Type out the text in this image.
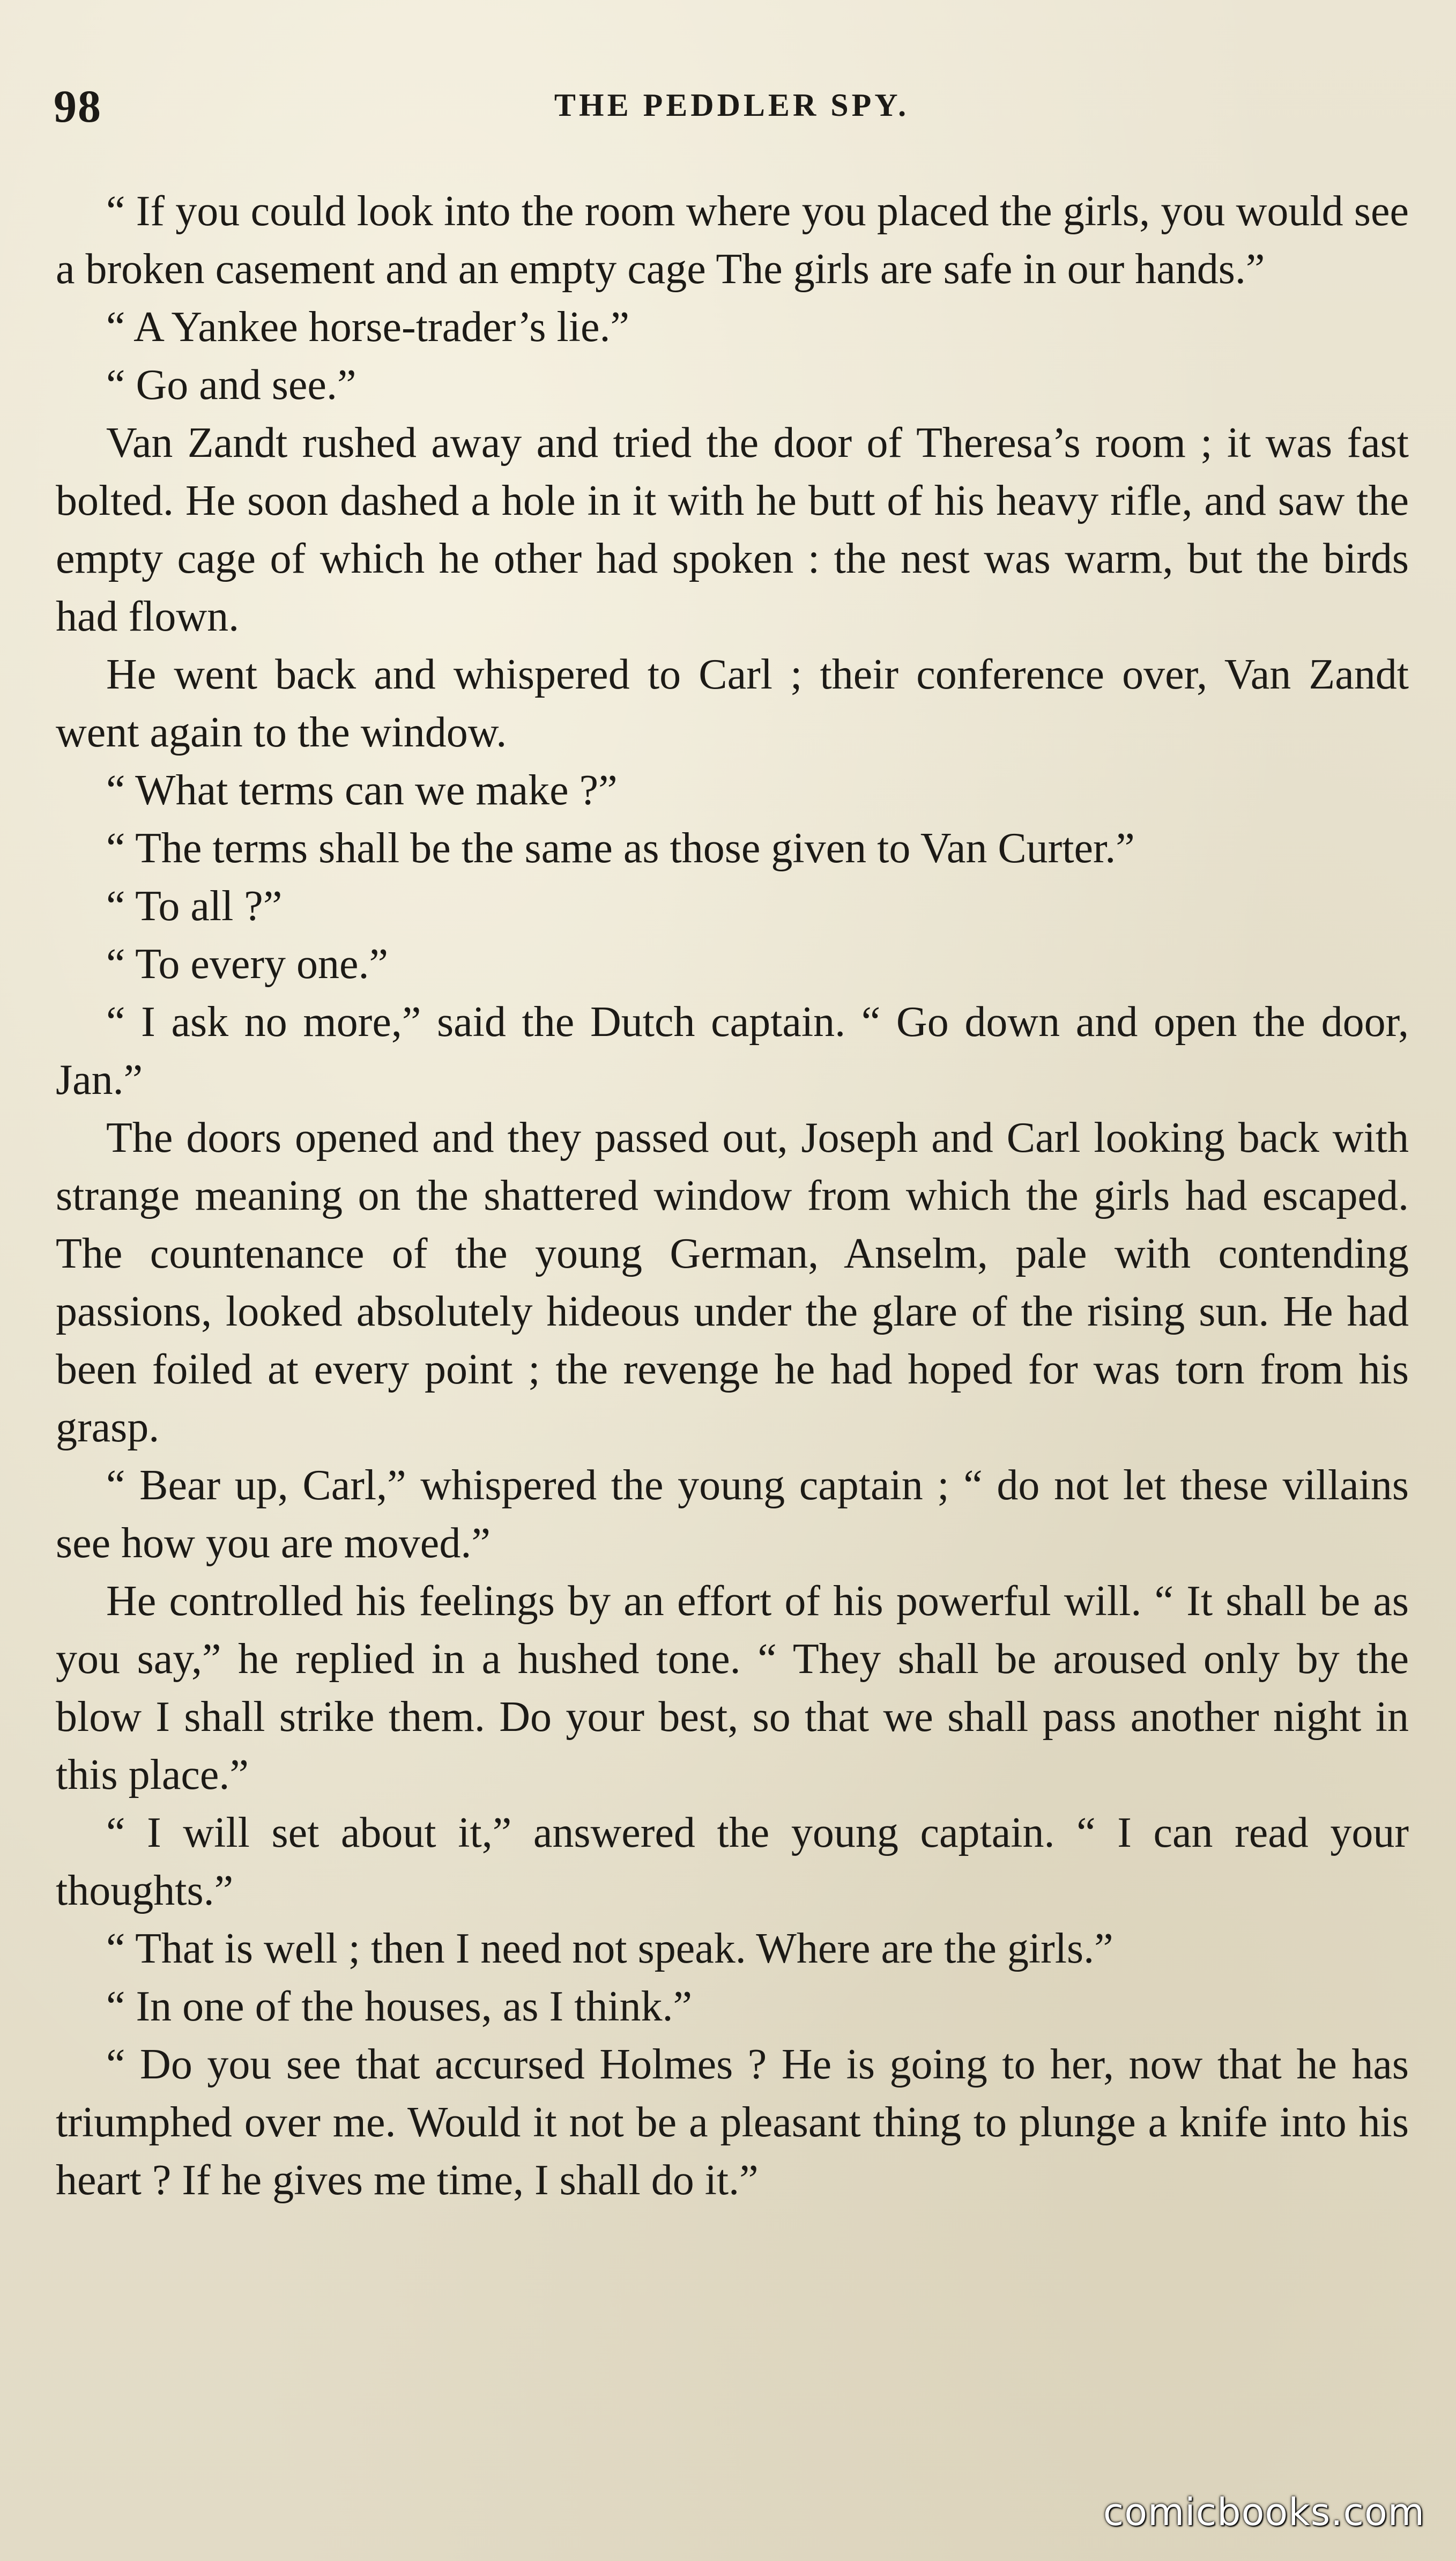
98	THE PEDDLER SPY.

“ If you could look into the room where you placed the girls, you would see a broken casement and an empty cage The girls are safe in our hands.”

“ A Yankee horse-trader’s lie.”

“ Go and see.”

Van Zandt rushed away and tried the door of Theresa’s room ; it was fast bolted. He soon dashed a hole in it with he butt of his heavy rifle, and saw the empty cage of which he other had spoken : the nest was warm, but the birds had flown.

He went back and whispered to Carl ; their conference over, Van Zandt went again to the window.

“ What terms can we make ?”

“ The terms shall be the same as those given to Van Curter.”

“ To all ?”

“ To every one.”

“ I ask no more,” said the Dutch captain. “ Go down and open the door, Jan.”

The doors opened and they passed out, Joseph and Carl looking back with strange meaning on the shattered window from which the girls had escaped. The countenance of the young German, Anselm, pale with contending passions, looked absolutely hideous under the glare of the rising sun. He had been foiled at every point ; the revenge he had hoped for was torn from his grasp.

“ Bear up, Carl,” whispered the young captain ; “ do not let these villains see how you are moved.”

He controlled his feelings by an effort of his powerful will. “ It shall be as you say,” he replied in a hushed tone. “ They shall be aroused only by the blow I shall strike them. Do your best, so that we shall pass another night in this place.”

“ I will set about it,” answered the young captain. “ I can read your thoughts.”

“ That is well ; then I need not speak. Where are the girls.”

“ In one of the houses, as I think.”

“ Do you see that accursed Holmes ? He is going to her, now that he has triumphed over me. Would it not be a pleasant thing to plunge a knife into his heart ? If he gives me time, I shall do it.”

comicbooks.com
